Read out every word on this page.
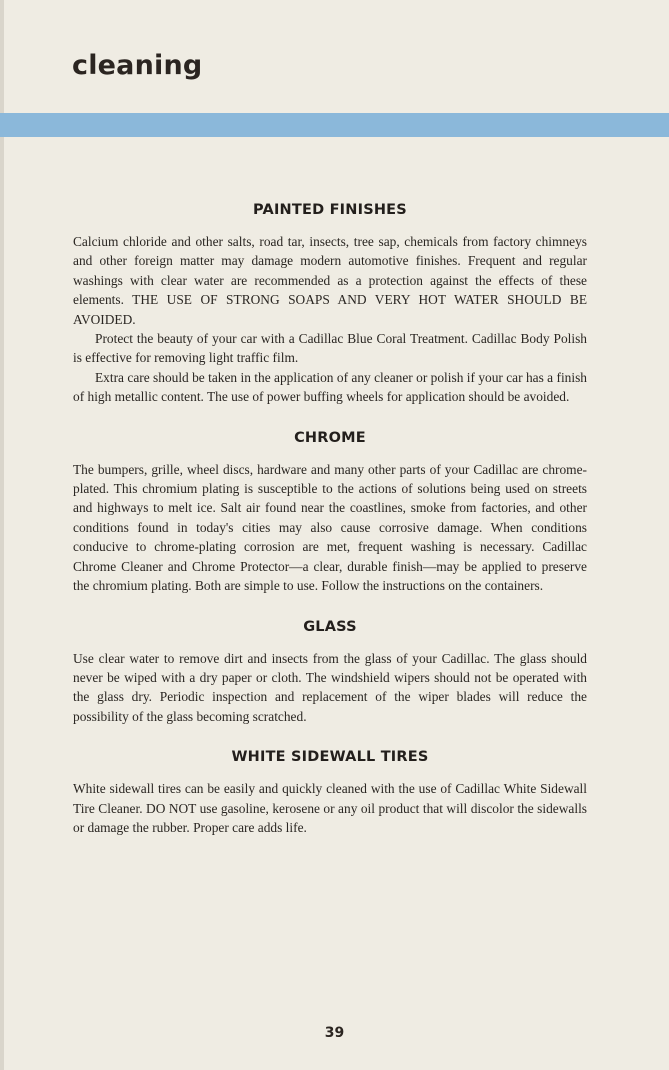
cleaning
PAINTED FINISHES

Calcium chloride and other salts, road tar, insects, tree sap, chemicals from factory chimneys and other foreign matter may damage modern automotive finishes. Frequent and regular washings with clear water are recommended as a protection against the effects of these elements. THE USE OF STRONG SOAPS AND VERY HOT WATER SHOULD BE AVOIDED.

Protect the beauty of your car with a Cadillac Blue Coral Treatment. Cadillac Body Polish is effective for removing light traffic film.

Extra care should be taken in the application of any cleaner or polish if your car has a finish of high metallic content. The use of power buffing wheels for application should be avoided.

CHROME

The bumpers, grille, wheel discs, hardware and many other parts of your Cadillac are chrome-plated. This chromium plating is susceptible to the actions of solutions being used on streets and highways to melt ice. Salt air found near the coastlines, smoke from factories, and other conditions found in today's cities may also cause corrosive damage. When conditions conducive to chrome-plating corrosion are met, frequent washing is necessary. Cadillac Chrome Cleaner and Chrome Protector—a clear, durable finish—may be applied to preserve the chromium plating. Both are simple to use. Follow the instructions on the containers.

GLASS

Use clear water to remove dirt and insects from the glass of your Cadillac. The glass should never be wiped with a dry paper or cloth. The windshield wipers should not be operated with the glass dry. Periodic inspection and replacement of the wiper blades will reduce the possibility of the glass becoming scratched.

WHITE SIDEWALL TIRES

White sidewall tires can be easily and quickly cleaned with the use of Cadillac White Sidewall Tire Cleaner. DO NOT use gasoline, kerosene or any oil product that will discolor the sidewalls or damage the rubber. Proper care adds life.

39
